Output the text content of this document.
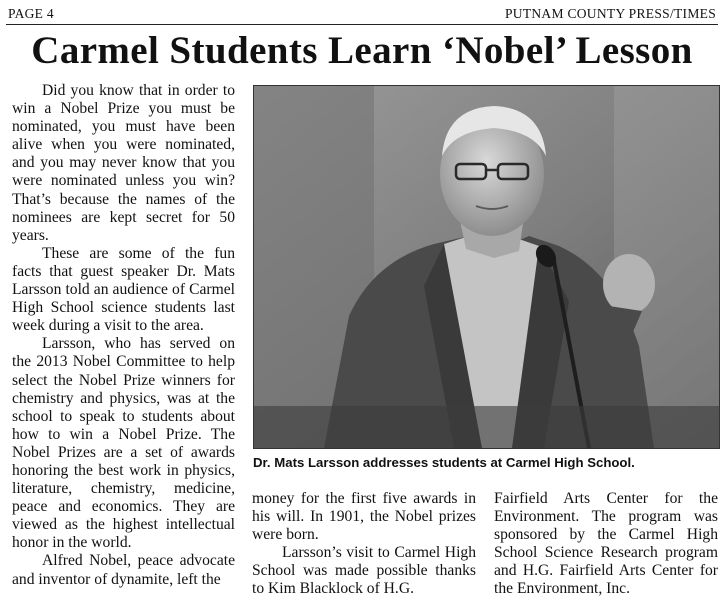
PAGE 4	PUTNAM COUNTY PRESS/TIMES
Carmel Students Learn ‘Nobel’ Lesson

Did you know that in order to win a Nobel Prize you must be nominated, you must have been alive when you were nominated, and you may never know that you were nominated unless you win? That’s because the names of the nominees are kept secret for 50 years.

These are some of the fun facts that guest speaker Dr. Mats Larsson told an audience of Carmel High School science students last week during a visit to the area.

Larsson, who has served on the 2013 Nobel Committee to help select the Nobel Prize winners for chemistry and physics, was at the school to speak to students about how to win a Nobel Prize. The Nobel Prizes are a set of awards honoring the best work in physics, literature, chemistry, medicine, peace and economics. They are viewed as the highest intellectual honor in the world.

Alfred Nobel, peace advocate and inventor of dynamite, left the

Dr. Mats Larsson addresses students at Carmel High School.

money for the first five awards in his will. In 1901, the Nobel prizes were born.

Larsson’s visit to Carmel High School was made possible thanks to Kim Blacklock of H.G.

Fairfield Arts Center for the Environment. The program was sponsored by the Carmel High School Science Research program and H.G. Fairfield Arts Center for the Environment, Inc.
